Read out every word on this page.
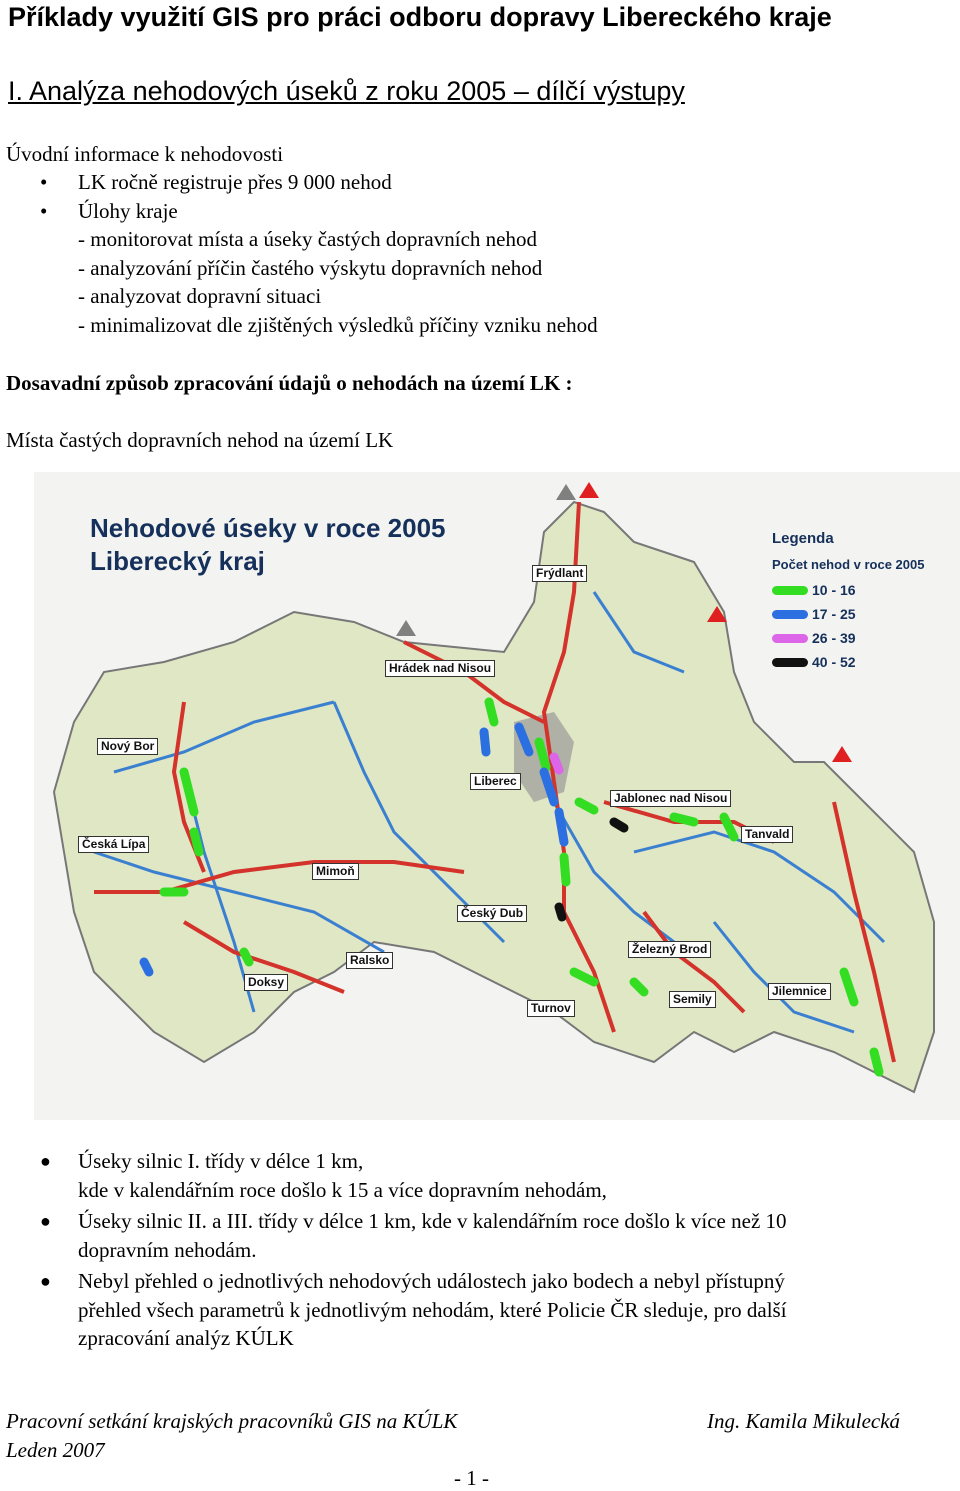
Příklady využití GIS pro práci odboru dopravy Libereckého kraje
I. Analýza nehodových úseků z roku 2005 – dílčí výstupy
Úvodní informace k nehodovosti
•	LK ročně registruje přes 9 000 nehod
•	Úlohy kraje
- monitorovat místa a úseky častých dopravních nehod
- analyzování příčin častého výskytu dopravních nehod
- analyzovat dopravní situaci
- minimalizovat dle zjištěných výsledků příčiny vzniku nehod
Dosavadní způsob zpracování údajů o nehodách na území LK :
Místa častých dopravních nehod na území LK
Nehodové úseky v roce 2005
Liberecký kraj
Legenda
Počet nehod v roce 2005
10 - 16
17 - 25
26 - 39
40 - 52
Frýdlant
Hrádek nad Nisou
Nový Bor
Liberec
Jablonec nad Nisou
Tanvald
Česká Lípa
Mimoň
Český Dub
Železný Brod
Ralsko
Doksy
Semily
Jilemnice
Turnov
●	Úseky silnic I. třídy v délce 1 km,
kde v kalendářním roce došlo k 15 a více dopravním nehodám,
●	Úseky silnic II. a III. třídy v délce 1 km, kde v kalendářním roce došlo k více než 10
dopravním nehodám.
●	Nebyl přehled o jednotlivých nehodových událostech jako bodech a nebyl přístupný
přehled všech parametrů k jednotlivým nehodám, které Policie ČR sleduje, pro další
zpracování analýz KÚLK
Pracovní setkání krajských pracovníků GIS na KÚLK
Leden 2007
Ing. Kamila Mikulecká
- 1 -
